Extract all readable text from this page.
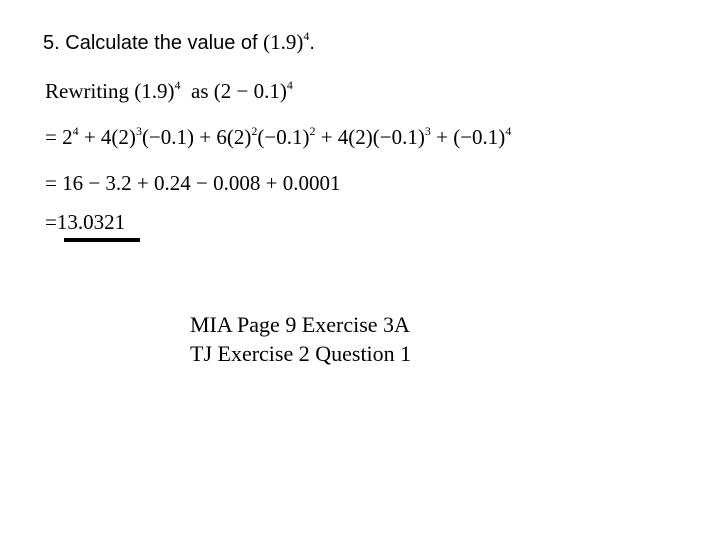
5. Calculate the value of $(1.9)^4$.
Rewriting $(1.9)^4$ as $(2 - 0.1)^4$
= $2^4 + 4(2)^3(-0.1) + 6(2)^2(-0.1)^2 + 4(2)(-0.1)^3 + (-0.1)^4$
= 16 − 3.2 + 0.24 − 0.008 + 0.0001
=13.0321
MIA Page 9 Exercise 3A
TJ Exercise 2 Question 1
